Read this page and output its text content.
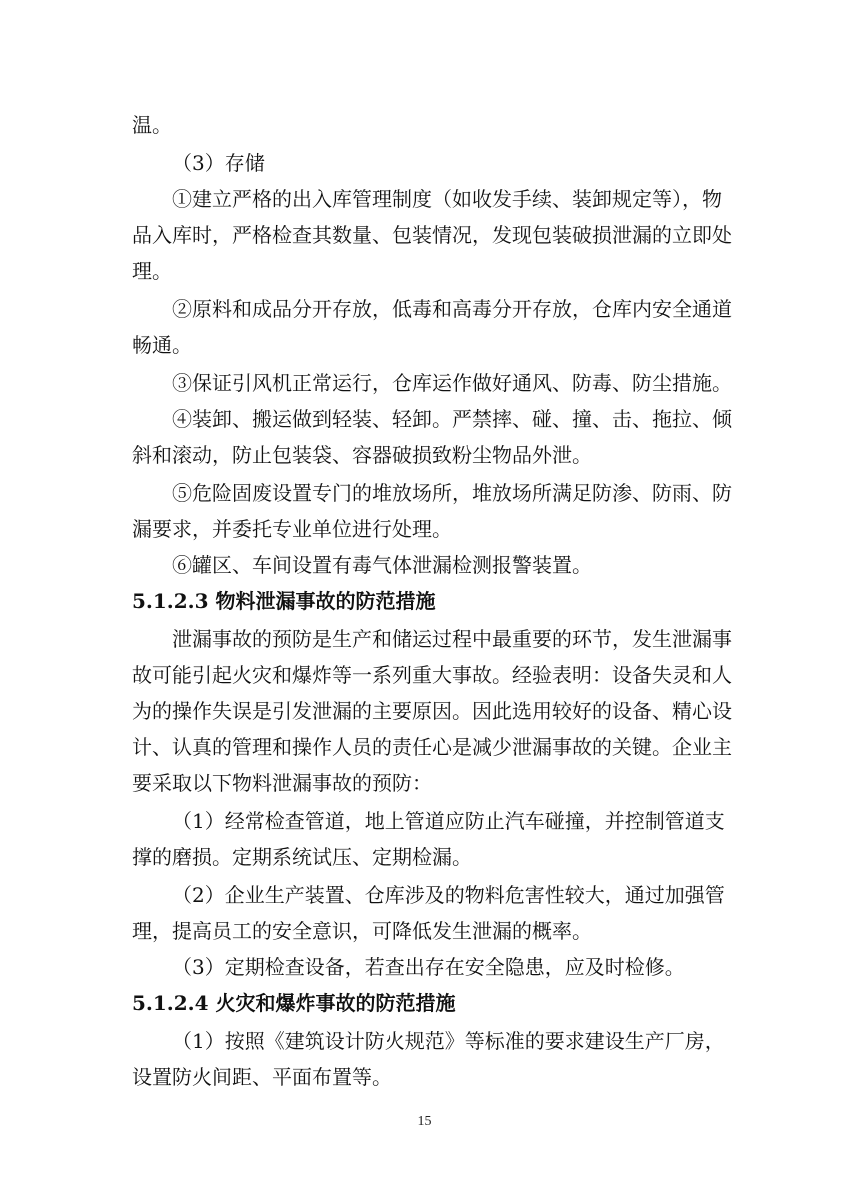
温。
（3）存储
①建立严格的出入库管理制度（如收发手续、装卸规定等），物
品入库时，严格检查其数量、包装情况，发现包装破损泄漏的立即处
理。
②原料和成品分开存放，低毒和高毒分开存放，仓库内安全通道
畅通。
③保证引风机正常运行，仓库运作做好通风、防毒、防尘措施。
④装卸、搬运做到轻装、轻卸。严禁摔、碰、撞、击、拖拉、倾
斜和滚动，防止包装袋、容器破损致粉尘物品外泄。
⑤危险固废设置专门的堆放场所，堆放场所满足防渗、防雨、防
漏要求，并委托专业单位进行处理。
⑥罐区、车间设置有毒气体泄漏检测报警装置。
5.1.2.3 物料泄漏事故的防范措施
泄漏事故的预防是生产和储运过程中最重要的环节，发生泄漏事
故可能引起火灾和爆炸等一系列重大事故。经验表明：设备失灵和人
为的操作失误是引发泄漏的主要原因。因此选用较好的设备、精心设
计、认真的管理和操作人员的责任心是减少泄漏事故的关键。企业主
要采取以下物料泄漏事故的预防：
（1）经常检查管道，地上管道应防止汽车碰撞，并控制管道支
撑的磨损。定期系统试压、定期检漏。
（2）企业生产装置、仓库涉及的物料危害性较大，通过加强管
理，提高员工的安全意识，可降低发生泄漏的概率。
（3）定期检查设备，若查出存在安全隐患，应及时检修。
5.1.2.4 火灾和爆炸事故的防范措施
（1）按照《建筑设计防火规范》等标准的要求建设生产厂房，
设置防火间距、平面布置等。
15
